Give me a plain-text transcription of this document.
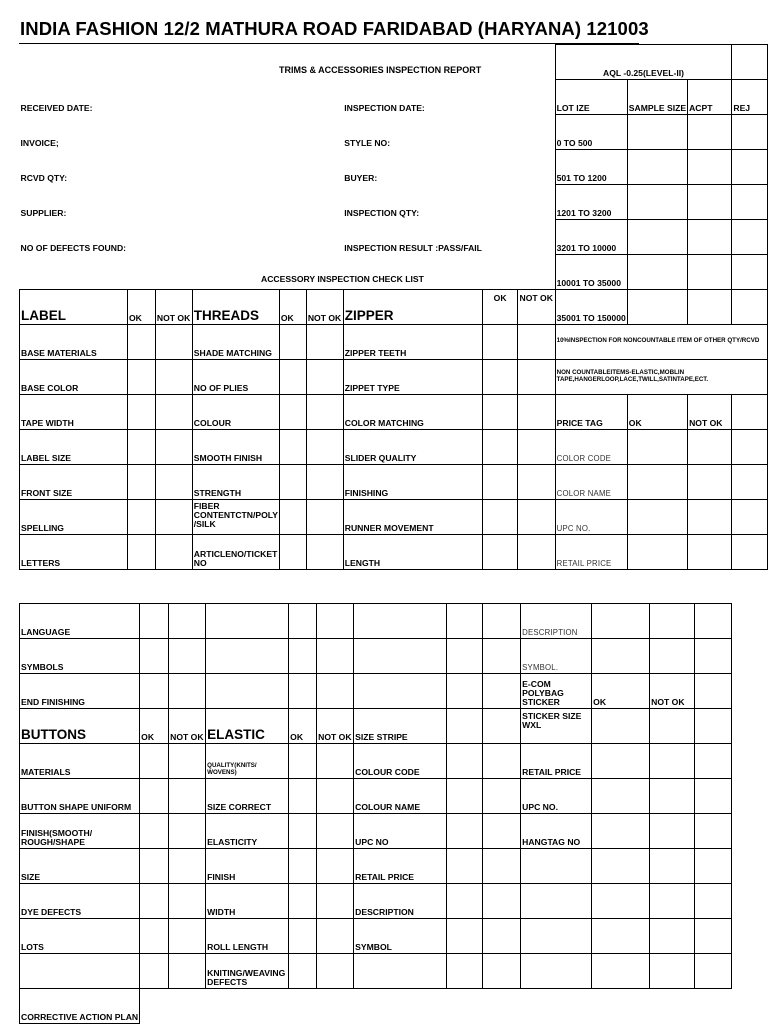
INDIA FASHION 12/2 MATHURA ROAD FARIDABAD (HARYANA) 121003
									AQL -0.25(LEVEL-II)			
RECEIVED DATE:						INSPECTION DATE:			LOT IZE	SAMPLE SIZE	ACPT	REJ
INVOICE;						STYLE NO:			0 TO 500			
RCVD QTY:						BUYER:			501 TO 1200			
SUPPLIER:						INSPECTION QTY:			1201 TO 3200			
NO OF DEFECTS FOUND:						INSPECTION RESULT :PASS/FAIL			3201 TO 10000			
									10001 TO 35000			
LABEL	OK	NOT OK	THREADS	OK	NOT OK	ZIPPER	OK	NOT OK	35001 TO 150000			
BASE MATERIALS			SHADE MATCHING			ZIPPER TEETH			10%INSPECTION FOR NONCOUNTABLE ITEM OF OTHER QTY/RCVD			
BASE COLOR			NO OF PLIES			ZIPPET TYPE			NON COUNTABLEITEMS-ELASTIC,MOBLIN TAPE,HANGERLOOP,LACE,TWILL,SATINTAPE,ECT.			
TAPE WIDTH			COLOUR			COLOR MATCHING			PRICE TAG	OK	NOT OK	
LABEL SIZE			SMOOTH FINISH			SLIDER QUALITY			COLOR CODE			
FRONT SIZE			STRENGTH			FINISHING			COLOR NAME			
SPELLING			FIBER CONTENTCTN/POLY /SILK			RUNNER MOVEMENT			UPC NO.			
LETTERS			ARTICLENO/TICKET NO			LENGTH			RETAIL PRICE			
TRIMS & ACCESSORIES INSPECTION REPORT
ACCESSORY INSPECTION CHECK LIST
LANGUAGE									DESCRIPTION			
SYMBOLS									SYMBOL.			
END FINISHING									E-COM POLYBAG STICKER	OK	NOT OK	
BUTTONS	OK	NOT OK	ELASTIC	OK	NOT OK	SIZE STRIPE			STICKER SIZE WXL			
MATERIALS			QUALITY(KNITS/ WOVENS)			COLOUR CODE			RETAIL PRICE			
BUTTON SHAPE UNIFORM			SIZE CORRECT			COLOUR NAME			UPC NO.			
FINISH(SMOOTH/ ROUGH/SHAPE			ELASTICITY			UPC NO			HANGTAG NO			
SIZE			FINISH			RETAIL PRICE						
DYE DEFECTS			WIDTH			DESCRIPTION						
LOTS			ROLL LENGTH			SYMBOL						
			KNITING/WEAVING DEFECTS									
CORRECTIVE ACTION PLAN												
